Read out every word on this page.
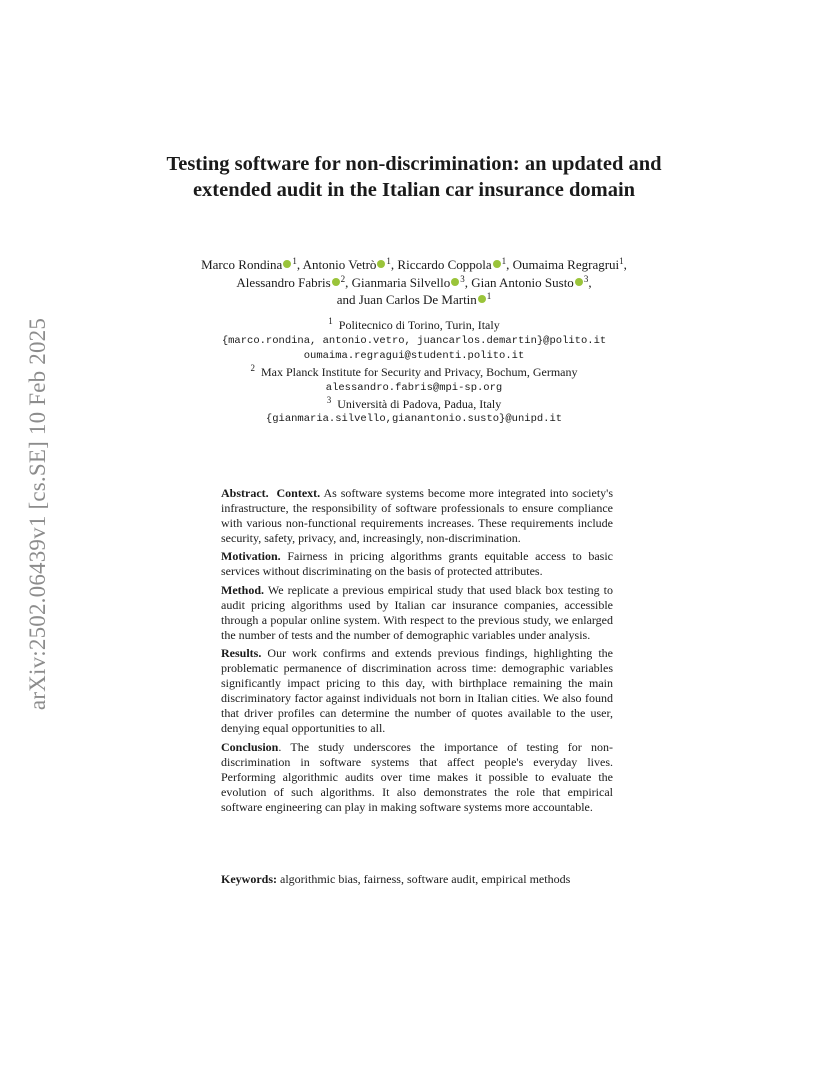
arXiv:2502.06439v1 [cs.SE] 10 Feb 2025
Testing software for non-discrimination: an updated and extended audit in the Italian car insurance domain
Marco Rondina $^1$, Antonio Vetrò $^1$, Riccardo Coppola $^1$, Oumaima Regragrui$^1$, Alessandro Fabris $^2$, Gianmaria Silvello $^3$, Gian Antonio Susto $^3$,
and Juan Carlos De Martin $^1$
$^1$ Politecnico di Torino, Turin, Italy
{marco.rondina, antonio.vetro, juancarlos.demartin}@polito.it
oumaima.regragui@studenti.polito.it
$^2$ Max Planck Institute for Security and Privacy, Bochum, Germany
alessandro.fabris@mpi-sp.org
$^3$ Università di Padova, Padua, Italy
{gianmaria.silvello,gianantonio.susto}@unipd.it

Abstract. Context. As software systems become more integrated into society's infrastructure, the responsibility of software professionals to ensure compliance with various non-functional requirements increases. These requirements include security, safety, privacy, and, increasingly, non-discrimination.

Motivation. Fairness in pricing algorithms grants equitable access to basic services without discriminating on the basis of protected attributes.

Method. We replicate a previous empirical study that used black box testing to audit pricing algorithms used by Italian car insurance companies, accessible through a popular online system. With respect to the previous study, we enlarged the number of tests and the number of demographic variables under analysis.

Results. Our work confirms and extends previous findings, highlighting the problematic permanence of discrimination across time: demographic variables significantly impact pricing to this day, with birthplace remaining the main discriminatory factor against individuals not born in Italian cities. We also found that driver profiles can determine the number of quotes available to the user, denying equal opportunities to all.

Conclusion. The study underscores the importance of testing for non-discrimination in software systems that affect people's everyday lives. Performing algorithmic audits over time makes it possible to evaluate the evolution of such algorithms. It also demonstrates the role that empirical software engineering can play in making software systems more accountable.

Keywords: algorithmic bias, fairness, software audit, empirical methods
